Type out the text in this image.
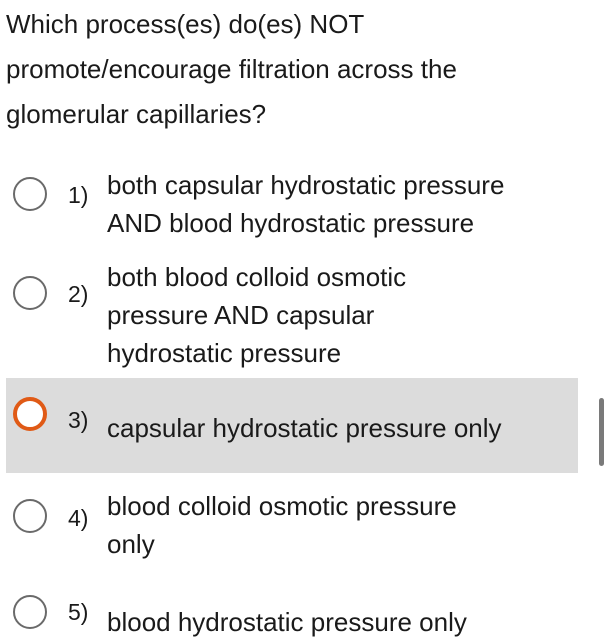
Which process(es) do(es) NOT
promote/encourage filtration across the
glomerular capillaries?
1) both capsular hydrostatic pressure
AND blood hydrostatic pressure
2)
both blood colloid osmotic
pressure AND capsular
hydrostatic pressure
3) capsular hydrostatic pressure only
4) blood colloid osmotic pressure
only
5) blood hydrostatic pressure only
